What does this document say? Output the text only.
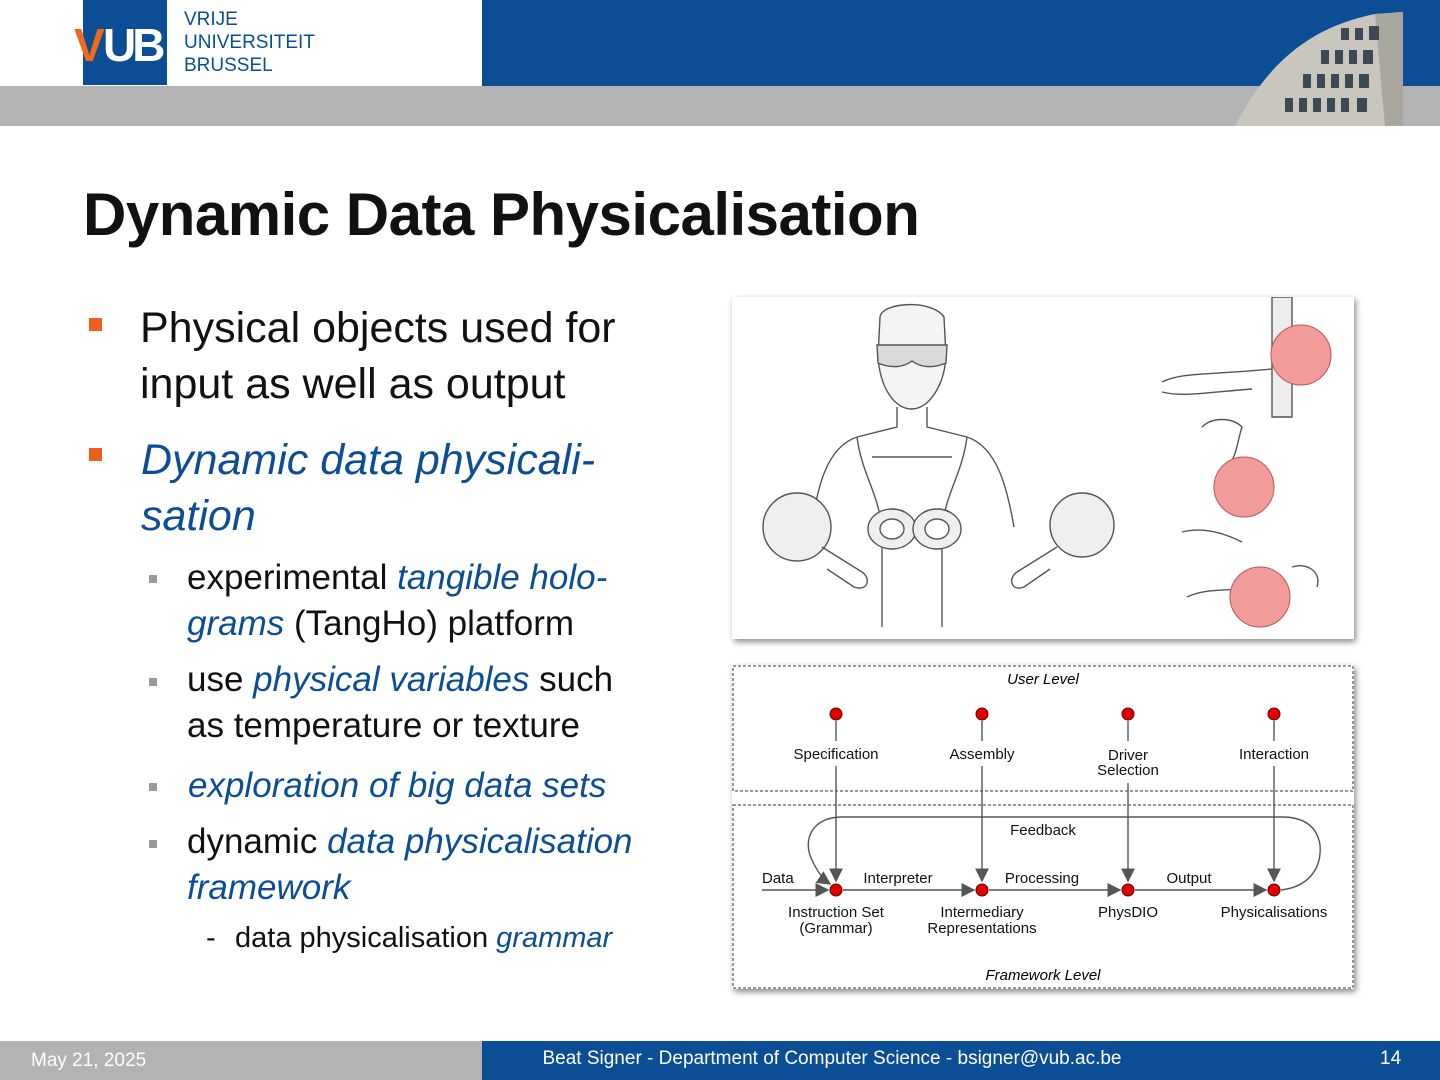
V UB VRIJE
UNIVERSITEIT
BRUSSEL
Dynamic Data Physicalisation
Physical objects used for
input as well as output
Dynamic data physicali-
sation
experimental tangible holo-
grams (TangHo) platform
use physical variables such
as temperature or texture
exploration of big data sets
dynamic data physicalisation
framework
- data physicalisation grammar
User Level
Framework Level
Specification	Assembly	Driver
Selection
Interaction
Feedback
Data	Interpreter	Processing	Output
Instruction Set
(Grammar)
Intermediary
Representations
PhysDIO	Physicalisations
May 21, 2025	Beat Signer - Department of Computer Science - bsigner@vub.ac.be	14
